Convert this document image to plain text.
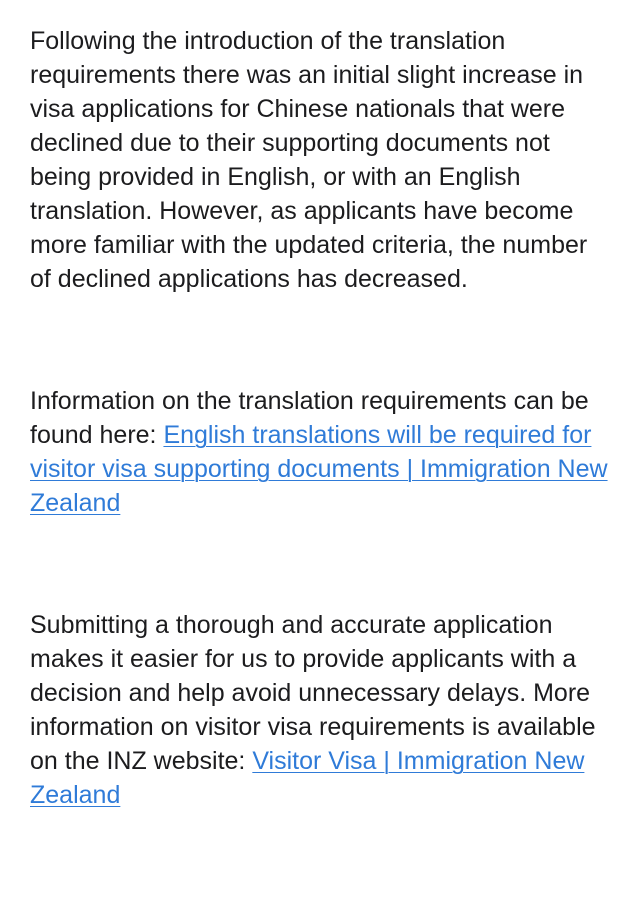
Following the introduction of the translation requirements there was an initial slight increase in visa applications for Chinese nationals that were declined due to their supporting documents not being provided in English, or with an English translation. However, as applicants have become more familiar with the updated criteria, the number of declined applications has decreased.

Information on the translation requirements can be found here: English translations will be required for visitor visa supporting documents | Immigration New Zealand

Submitting a thorough and accurate application makes it easier for us to provide applicants with a decision and help avoid unnecessary delays. More information on visitor visa requirements is available on the INZ website: Visitor Visa | Immigration New Zealand
